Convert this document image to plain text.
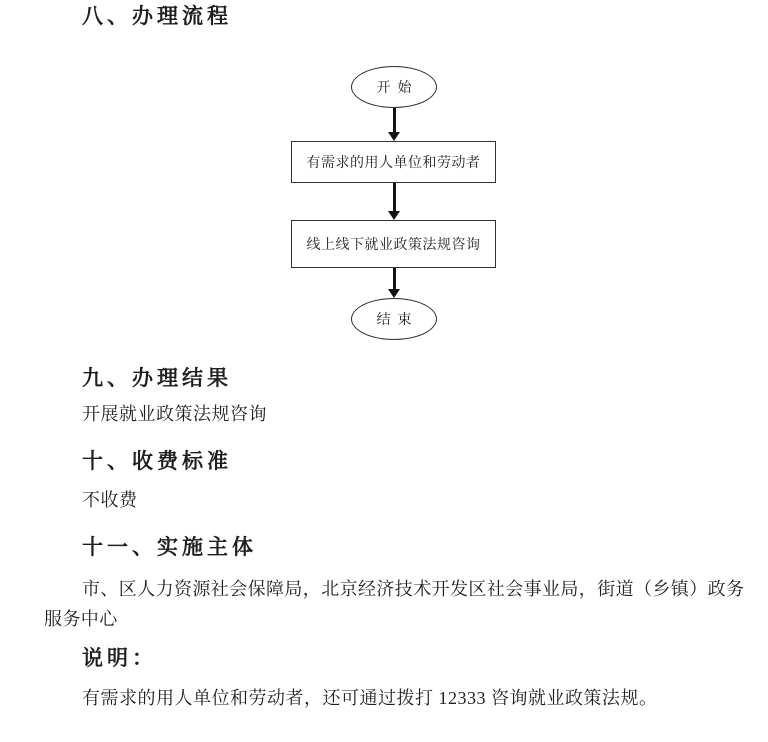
八、办理流程
开始
有需求的用人单位和劳动者
线上线下就业政策法规咨询
结束
九、办理结果

开展就业政策法规咨询

十、收费标准

不收费

十一、实施主体

市、区人力资源社会保障局，北京经济技术开发区社会事业局，街道（乡镇）政务服务中心

说明：

有需求的用人单位和劳动者，还可通过拨打 12333 咨询就业政策法规。
